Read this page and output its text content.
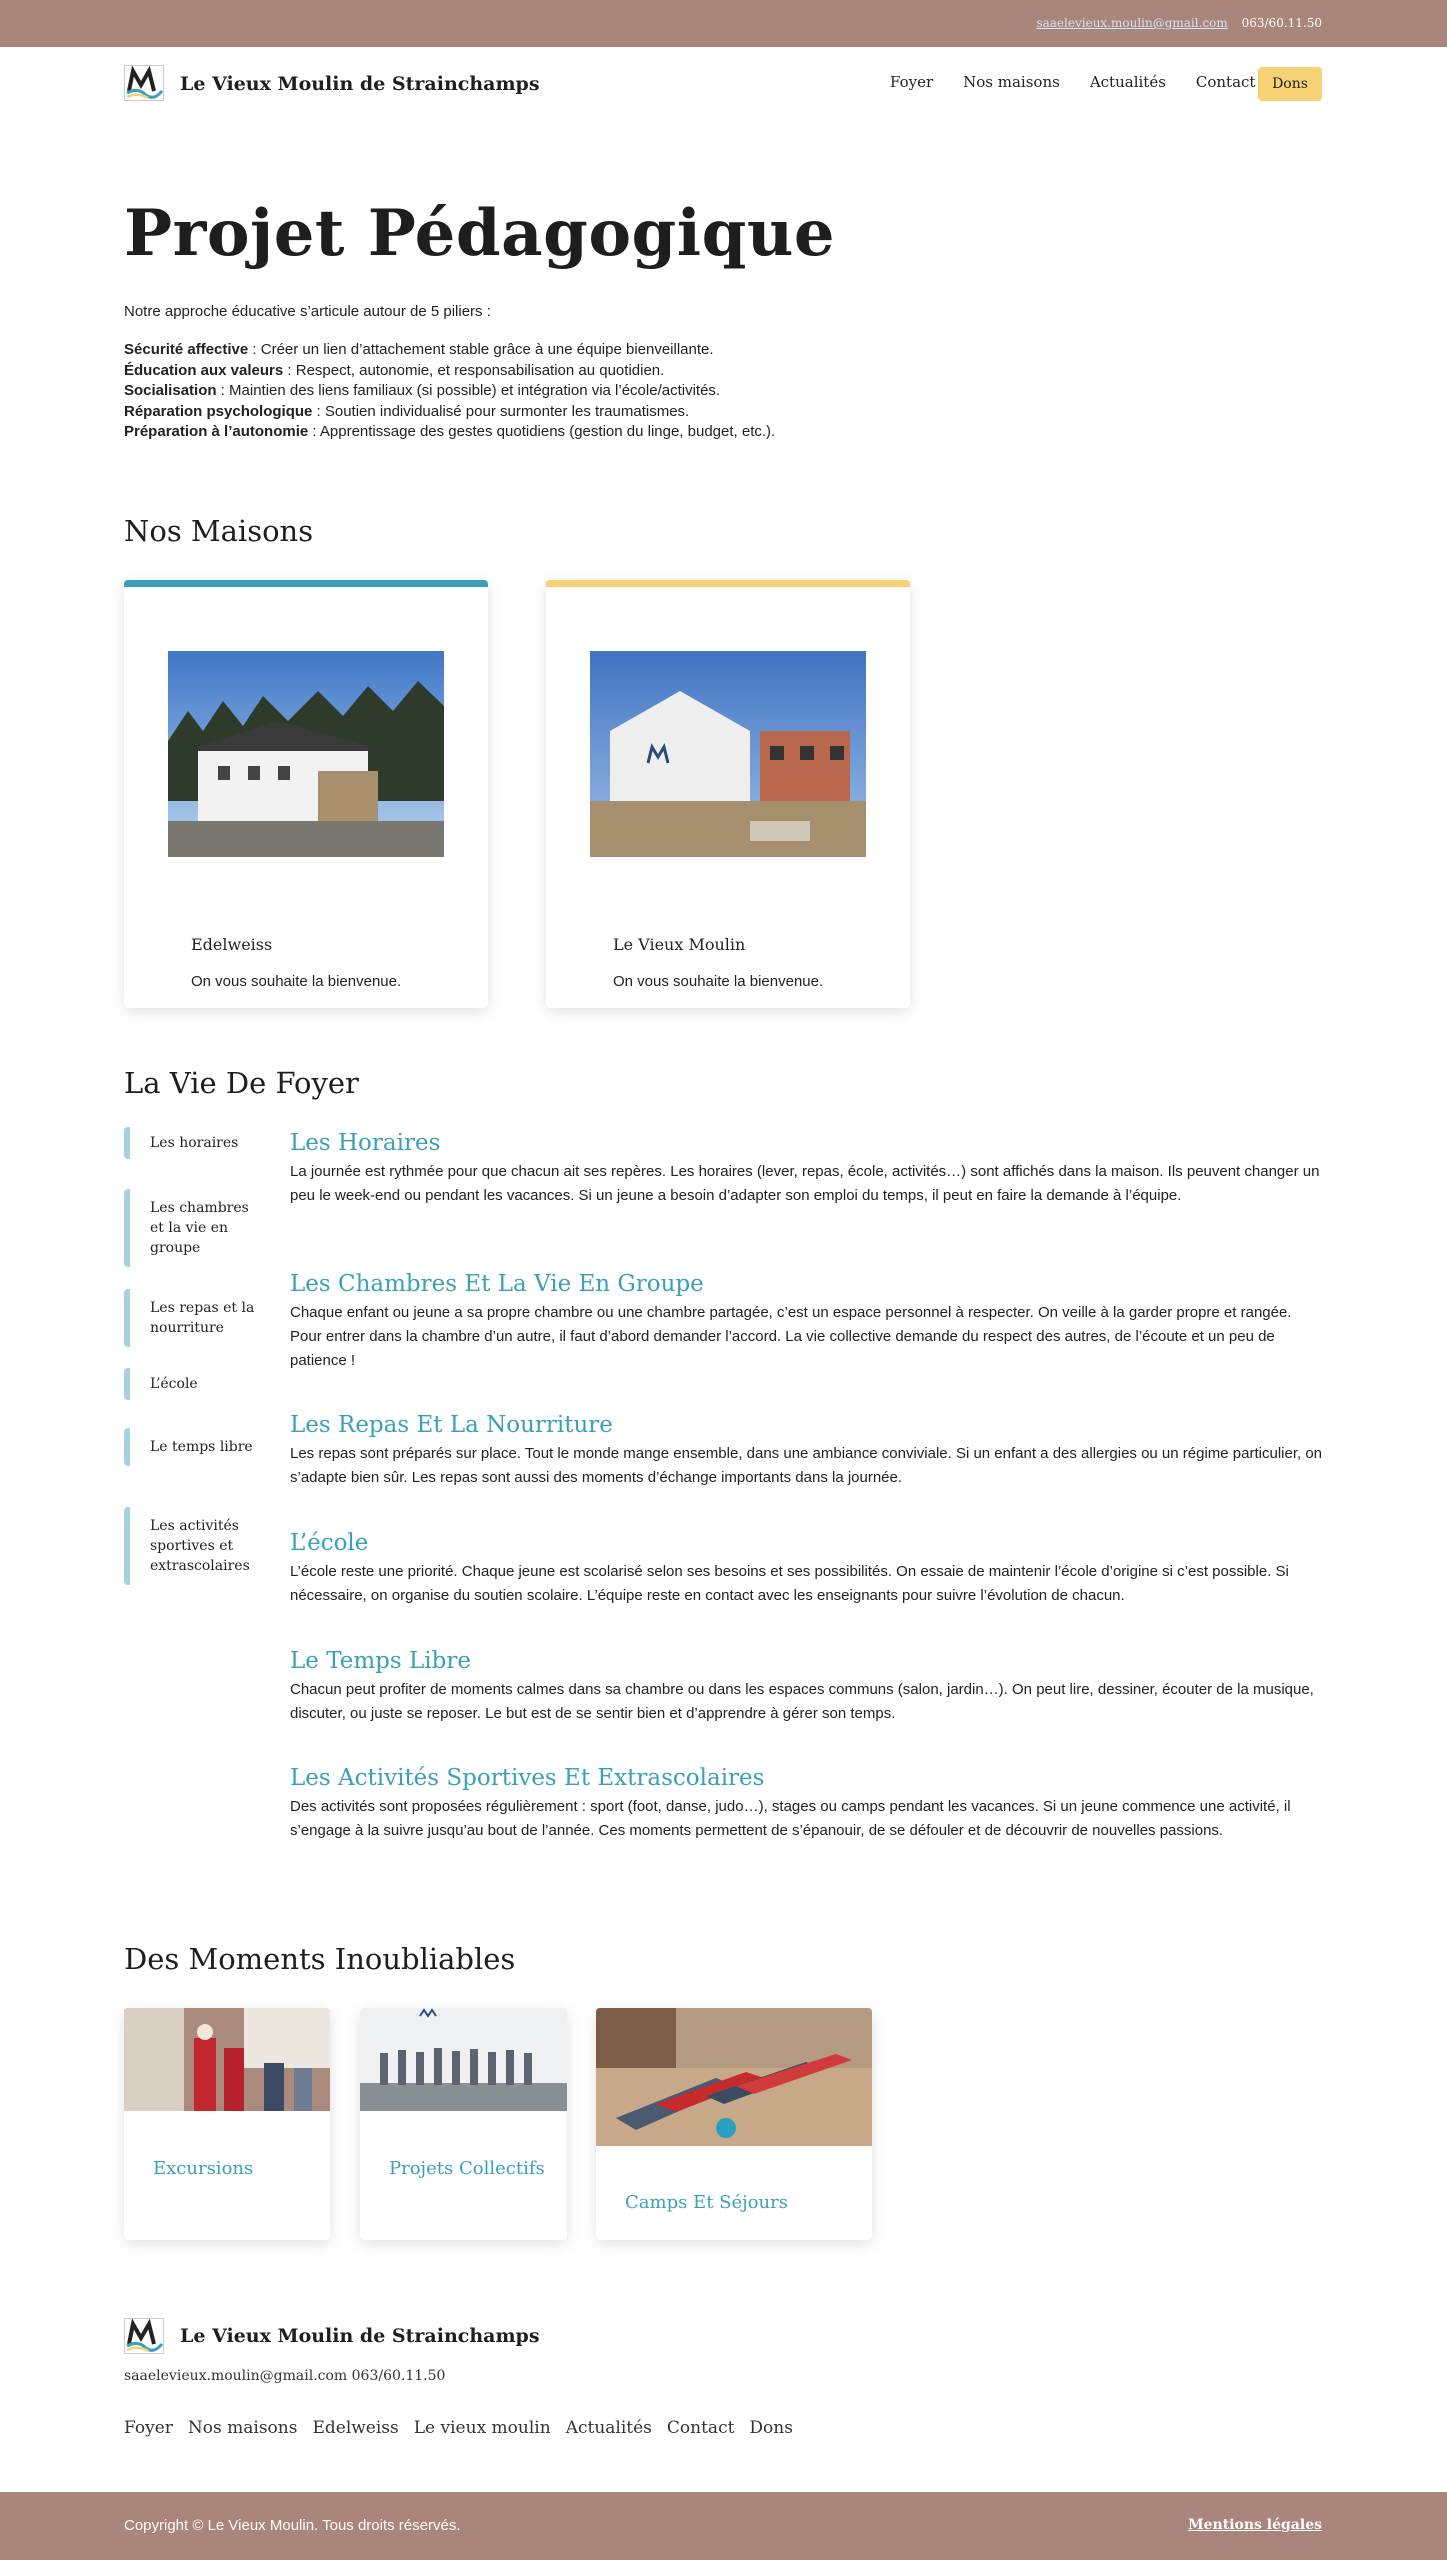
saaelevieux.moulin@gmail.com 063/60.11.50
Le Vieux Moulin de Strainchamps	Foyer Nos maisons Actualités Contact	Dons
Projet Pédagogique

Notre approche éducative s’articule autour de 5 piliers :

Sécurité affective : Créer un lien d’attachement stable grâce à une équipe bienveillante.
Éducation aux valeurs : Respect, autonomie, et responsabilisation au quotidien.
Socialisation : Maintien des liens familiaux (si possible) et intégration via l’école/activités.
Réparation psychologique : Soutien individualisé pour surmonter les traumatismes.
Préparation à l’autonomie : Apprentissage des gestes quotidiens (gestion du linge, budget, etc.).
Nos Maisons
Edelweiss
On vous souhaite la bienvenue.
Le Vieux Moulin
On vous souhaite la bienvenue.
La Vie De Foyer
Les horaires
Les chambres et la vie en groupe
Les repas et la nourriture
L’école
Le temps libre
Les activités sportives et extrascolaires
Les Horaires

La journée est rythmée pour que chacun ait ses repères. Les horaires (lever, repas, école, activités…) sont affichés dans la maison. Ils peuvent changer un peu le week-end ou pendant les vacances. Si un jeune a besoin d’adapter son emploi du temps, il peut en faire la demande à l’équipe.

Les Chambres Et La Vie En Groupe

Chaque enfant ou jeune a sa propre chambre ou une chambre partagée, c’est un espace personnel à respecter. On veille à la garder propre et rangée. Pour entrer dans la chambre d’un autre, il faut d’abord demander l’accord. La vie collective demande du respect des autres, de l’écoute et un peu de patience !

Les Repas Et La Nourriture

Les repas sont préparés sur place. Tout le monde mange ensemble, dans une ambiance conviviale. Si un enfant a des allergies ou un régime particulier, on s’adapte bien sûr. Les repas sont aussi des moments d’échange importants dans la journée.

L’école

L’école reste une priorité. Chaque jeune est scolarisé selon ses besoins et ses possibilités. On essaie de maintenir l’école d’origine si c’est possible. Si nécessaire, on organise du soutien scolaire. L’équipe reste en contact avec les enseignants pour suivre l’évolution de chacun.

Le Temps Libre

Chacun peut profiter de moments calmes dans sa chambre ou dans les espaces communs (salon, jardin…). On peut lire, dessiner, écouter de la musique, discuter, ou juste se reposer. Le but est de se sentir bien et d’apprendre à gérer son temps.

Les Activités Sportives Et Extrascolaires

Des activités sont proposées régulièrement : sport (foot, danse, judo…), stages ou camps pendant les vacances. Si un jeune commence une activité, il s’engage à la suivre jusqu’au bout de l’année. Ces moments permettent de s’épanouir, de se défouler et de découvrir de nouvelles passions.

Des Moments Inoubliables
Excursions	Projets Collectifs
Camps Et Séjours
Le Vieux Moulin de Strainchamps
saaelevieux.moulin@gmail.com 063/60.11.50
Foyer Nos maisons Edelweiss Le vieux moulin Actualités Contact Dons
Copyright © Le Vieux Moulin. Tous droits réservés.	Mentions légales
